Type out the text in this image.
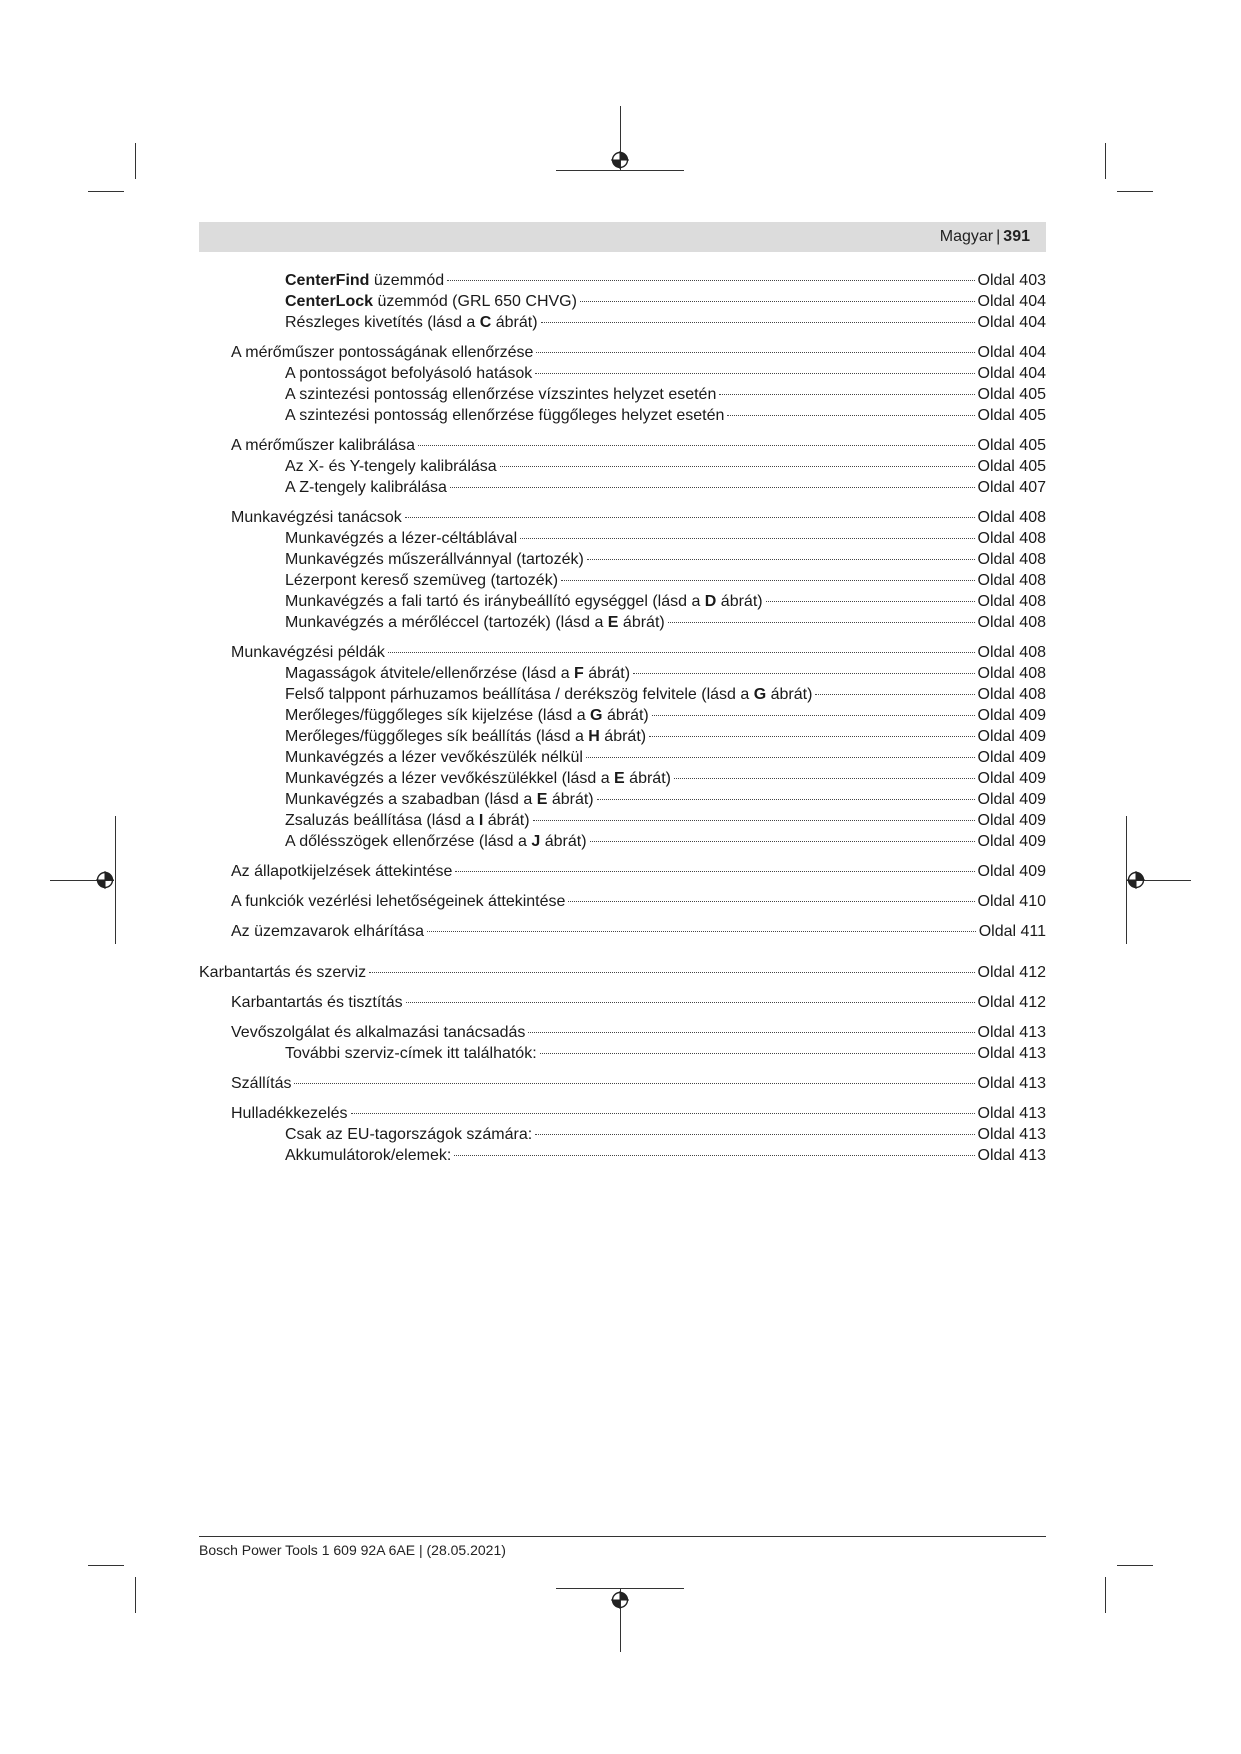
Magyar | 391
CenterFind üzemmód	Oldal 403
CenterLock üzemmód (GRL 650 CHVG)	Oldal 404
Részleges kivetítés (lásd a C ábrát)	Oldal 404
A mérőműszer pontosságának ellenőrzése	Oldal 404
A pontosságot befolyásoló hatások	Oldal 404
A szintezési pontosság ellenőrzése vízszintes helyzet esetén	Oldal 405
A szintezési pontosság ellenőrzése függőleges helyzet esetén	Oldal 405
A mérőműszer kalibrálása	Oldal 405
Az X- és Y-tengely kalibrálása	Oldal 405
A Z-tengely kalibrálása	Oldal 407
Munkavégzési tanácsok	Oldal 408
Munkavégzés a lézer-céltáblával	Oldal 408
Munkavégzés műszerállvánnyal (tartozék)	Oldal 408
Lézerpont kereső szemüveg (tartozék)	Oldal 408
Munkavégzés a fali tartó és iránybeállító egységgel (lásd a D ábrát)	Oldal 408
Munkavégzés a mérőléccel (tartozék) (lásd a E ábrát)	Oldal 408
Munkavégzési példák	Oldal 408
Magasságok átvitele/ellenőrzése (lásd a F ábrát)	Oldal 408
Felső talppont párhuzamos beállítása / derékszög felvitele (lásd a G ábrát)	Oldal 408
Merőleges/függőleges sík kijelzése (lásd a G ábrát)	Oldal 409
Merőleges/függőleges sík beállítás (lásd a H ábrát)	Oldal 409
Munkavégzés a lézer vevőkészülék nélkül	Oldal 409
Munkavégzés a lézer vevőkészülékkel (lásd a E ábrát)	Oldal 409
Munkavégzés a szabadban (lásd a E ábrát)	Oldal 409
Zsaluzás beállítása (lásd a I ábrát)	Oldal 409
A dőlésszögek ellenőrzése (lásd a J ábrát)	Oldal 409
Az állapotkijelzések áttekintése	Oldal 409
A funkciók vezérlési lehetőségeinek áttekintése	Oldal 410
Az üzemzavarok elhárítása	Oldal 411
Karbantartás és szerviz	Oldal 412
Karbantartás és tisztítás	Oldal 412
Vevőszolgálat és alkalmazási tanácsadás	Oldal 413
További szerviz-címek itt találhatók:	Oldal 413
Szállítás	Oldal 413
Hulladékkezelés	Oldal 413
Csak az EU-tagországok számára:	Oldal 413
Akkumulátorok/elemek:	Oldal 413
Bosch Power Tools 1 609 92A 6AE | (28.05.2021)
